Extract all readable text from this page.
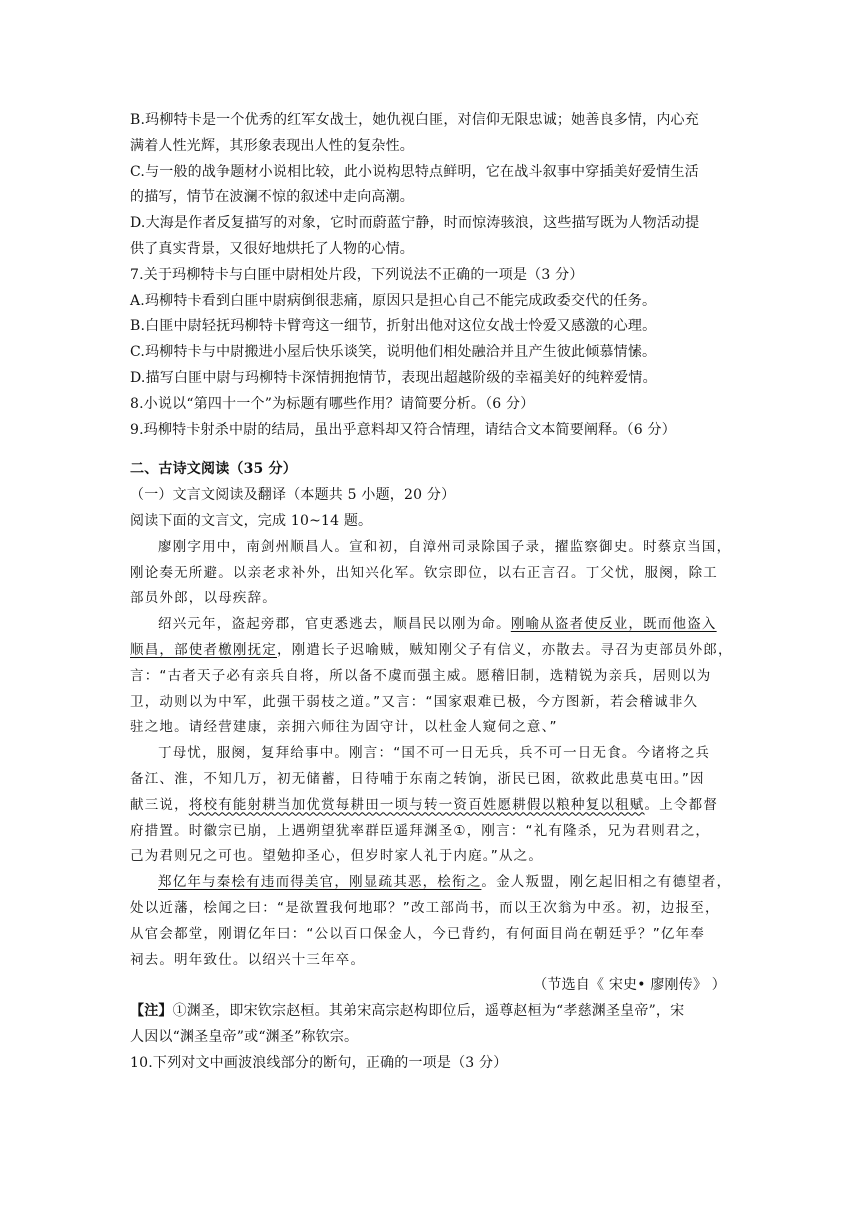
B.玛柳特卡是一个优秀的红军女战士，她仇视白匪，对信仰无限忠诚；她善良多情，内心充
满着人性光辉，其形象表现出人性的复杂性。
C.与一般的战争题材小说相比较，此小说构思特点鲜明，它在战斗叙事中穿插美好爱情生活
的描写，情节在波澜不惊的叙述中走向高潮。
D.大海是作者反复描写的对象，它时而蔚蓝宁静，时而惊涛骇浪，这些描写既为人物活动提
供了真实背景，又很好地烘托了人物的心情。
7.关于玛柳特卡与白匪中尉相处片段，下列说法不正确的一项是（3 分）
A.玛柳特卡看到白匪中尉病倒很悲痛，原因只是担心自己不能完成政委交代的任务。
B.白匪中尉轻抚玛柳特卡臂弯这一细节，折射出他对这位女战士怜爱又感激的心理。
C.玛柳特卡与中尉搬进小屋后快乐谈笑，说明他们相处融洽并且产生彼此倾慕情愫。
D.描写白匪中尉与玛柳特卡深情拥抱情节，表现出超越阶级的幸福美好的纯粹爱情。
8.小说以“第四十一个”为标题有哪些作用？请简要分析。（6 分）
9.玛柳特卡射杀中尉的结局，虽出乎意料却又符合情理，请结合文本简要阐释。（6 分）
二、古诗文阅读（35 分）
（一）文言文阅读及翻译（本题共 5 小题，20 分）
阅读下面的文言文，完成 10~14 题。
廖刚字用中，南剑州顺昌人。宣和初，自漳州司录除国子录，擢监察御史。时蔡京当国，
刚论奏无所避。以亲老求补外，出知兴化军。钦宗即位，以右正言召。丁父忧，服阕，除工
部员外郎，以母疾辞。
绍兴元年，盗起旁郡，官吏悉逃去，顺昌民以刚为命。刚喻从盗者使反业，既而他盗入
顺昌，部使者檄刚抚定，刚遣长子迟喻贼，贼知刚父子有信义，亦散去。寻召为吏部员外郎，
言：“古者天子必有亲兵自将，所以备不虞而强主威。愿稽旧制，选精锐为亲兵，居则以为
卫，动则以为中军，此强干弱枝之道。”又言：“国家艰难已极，今方图新，若会稽诚非久
驻之地。请经营建康，亲拥六师往为固守计，以杜金人窥伺之意、”
丁母忧，服阕，复拜给事中。刚言：“国不可一日无兵，兵不可一日无食。今诸将之兵
备江、淮，不知几万，初无储蓄，日待哺于东南之转饷，浙民已困，欲救此患莫屯田。”因
献三说，将校有能射耕当加优赏每耕田一顷与转一资百姓愿耕假以粮种复以租赋。上令都督
府措置。时徽宗已崩，上遇朔望犹率群臣遥拜渊圣①，刚言：“礼有隆杀，兄为君则君之，
己为君则兄之可也。望勉抑圣心，但岁时家人礼于内庭。”从之。
郑亿年与秦桧有违而得美官，刚显疏其恶，桧衔之。金人叛盟，刚乞起旧相之有德望者，
处以近藩，桧闻之曰：“是欲置我何地耶？”改工部尚书，而以王次翁为中丞。初，边报至，
从官会都堂，刚谓亿年曰：“公以百口保金人，今已背约，有何面目尚在朝廷乎？”亿年奉
祠去。明年致仕。以绍兴十三年卒。
（节选自《 宋史• 廖刚传》 ）
【注】①渊圣，即宋钦宗赵桓。其弟宋高宗赵构即位后，遥尊赵桓为“孝慈渊圣皇帝”，宋
人因以“渊圣皇帝”或“渊圣”称钦宗。
10.下列对文中画波浪线部分的断句，正确的一项是（3 分）
